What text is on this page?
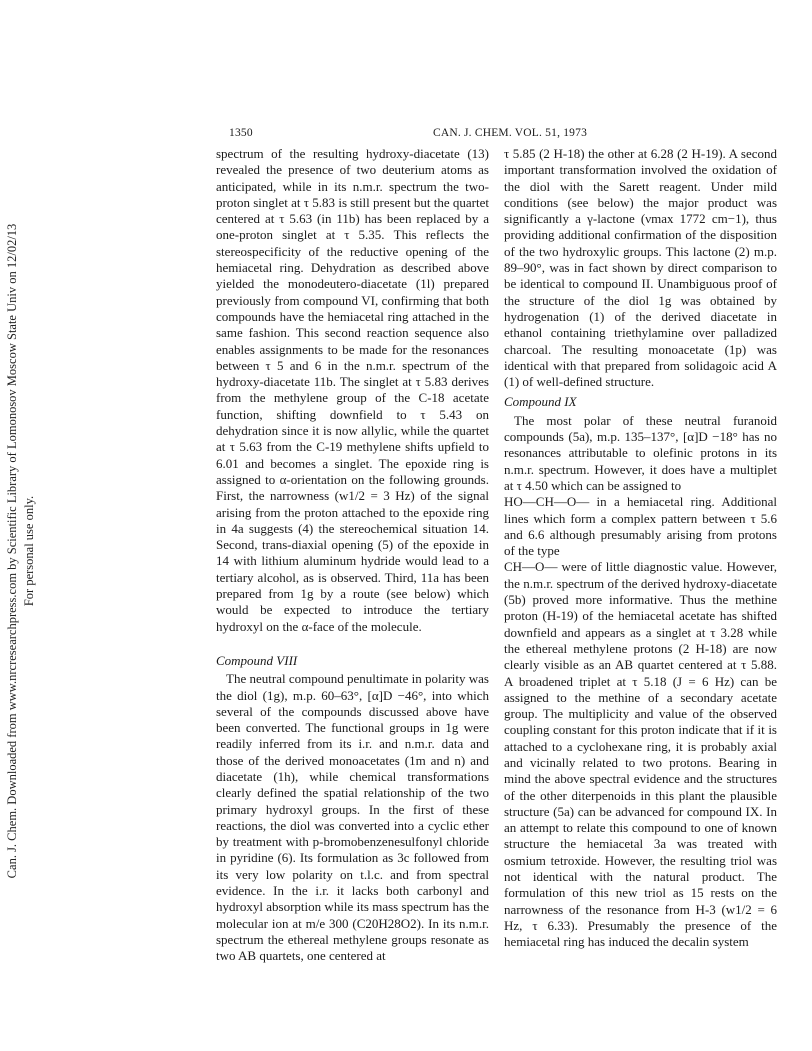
Can. J. Chem. Downloaded from www.nrcresearchpress.com by Scientific Library of Lomonosov Moscow State Univ on 12/02/13 For personal use only.
1350	CAN. J. CHEM. VOL. 51, 1973

spectrum of the resulting hydroxy-diacetate (13) revealed the presence of two deuterium atoms as anticipated, while in its n.m.r. spectrum the two-proton singlet at τ 5.83 is still present but the quartet centered at τ 5.63 (in 11b) has been replaced by a one-proton singlet at τ 5.35. This reflects the stereospecificity of the reductive opening of the hemiacetal ring. Dehydration as described above yielded the monodeutero-diacetate (1l) prepared previously from compound VI, confirming that both compounds have the hemiacetal ring attached in the same fashion. This second reaction sequence also enables assignments to be made for the resonances between τ 5 and 6 in the n.m.r. spectrum of the hydroxy-diacetate 11b. The singlet at τ 5.83 derives from the methylene group of the C-18 acetate function, shifting downfield to τ 5.43 on dehydration since it is now allylic, while the quartet at τ 5.63 from the C-19 methylene shifts upfield to 6.01 and becomes a singlet. The epoxide ring is assigned to α-orientation on the following grounds. First, the narrowness (w1/2 = 3 Hz) of the signal arising from the proton attached to the epoxide ring in 4a suggests (4) the stereochemical situation 14. Second, trans-diaxial opening (5) of the epoxide in 14 with lithium aluminum hydride would lead to a tertiary alcohol, as is observed. Third, 11a has been prepared from 1g by a route (see below) which would be expected to introduce the tertiary hydroxyl on the α-face of the molecule.

Compound VIII

The neutral compound penultimate in polarity was the diol (1g), m.p. 60–63°, [α]D −46°, into which several of the compounds discussed above have been converted. The functional groups in 1g were readily inferred from its i.r. and n.m.r. data and those of the derived monoacetates (1m and n) and diacetate (1h), while chemical transformations clearly defined the spatial relationship of the two primary hydroxyl groups. In the first of these reactions, the diol was converted into a cyclic ether by treatment with p-bromobenzenesulfonyl chloride in pyridine (6). Its formulation as 3c followed from its very low polarity on t.l.c. and from spectral evidence. In the i.r. it lacks both carbonyl and hydroxyl absorption while its mass spectrum has the molecular ion at m/e 300 (C20H28O2). In its n.m.r. spectrum the ethereal methylene groups resonate as two AB quartets, one centered at

τ 5.85 (2 H-18) the other at 6.28 (2 H-19). A second important transformation involved the oxidation of the diol with the Sarett reagent. Under mild conditions (see below) the major product was significantly a γ-lactone (νmax 1772 cm−1), thus providing additional confirmation of the disposition of the two hydroxylic groups. This lactone (2) m.p. 89–90°, was in fact shown by direct comparison to be identical to compound II. Unambiguous proof of the structure of the diol 1g was obtained by hydrogenation (1) of the derived diacetate in ethanol containing triethylamine over palladized charcoal. The resulting monoacetate (1p) was identical with that prepared from solidagoic acid A (1) of well-defined structure.

Compound IX

The most polar of these neutral furanoid compounds (5a), m.p. 135–137°, [α]D −18° has no resonances attributable to olefinic protons in its n.m.r. spectrum. However, it does have a multiplet at τ 4.50 which can be assigned to

HO—CH—O— in a hemiacetal ring. Additional lines which form a complex pattern between τ 5.6 and 6.6 although presumably arising from protons of the type

CH—O— were of little diagnostic value. However, the n.m.r. spectrum of the derived hydroxy-diacetate (5b) proved more informative. Thus the methine proton (H-19) of the hemiacetal acetate has shifted downfield and appears as a singlet at τ 3.28 while the ethereal methylene protons (2 H-18) are now clearly visible as an AB quartet centered at τ 5.88. A broadened triplet at τ 5.18 (J = 6 Hz) can be assigned to the methine of a secondary acetate group. The multiplicity and value of the observed coupling constant for this proton indicate that if it is attached to a cyclohexane ring, it is probably axial and vicinally related to two protons. Bearing in mind the above spectral evidence and the structures of the other diterpenoids in this plant the plausible structure (5a) can be advanced for compound IX. In an attempt to relate this compound to one of known structure the hemiacetal 3a was treated with osmium tetroxide. However, the resulting triol was not identical with the natural product. The formulation of this new triol as 15 rests on the narrowness of the resonance from H-3 (w1/2 = 6 Hz, τ 6.33). Presumably the presence of the hemiacetal ring has induced the decalin system
